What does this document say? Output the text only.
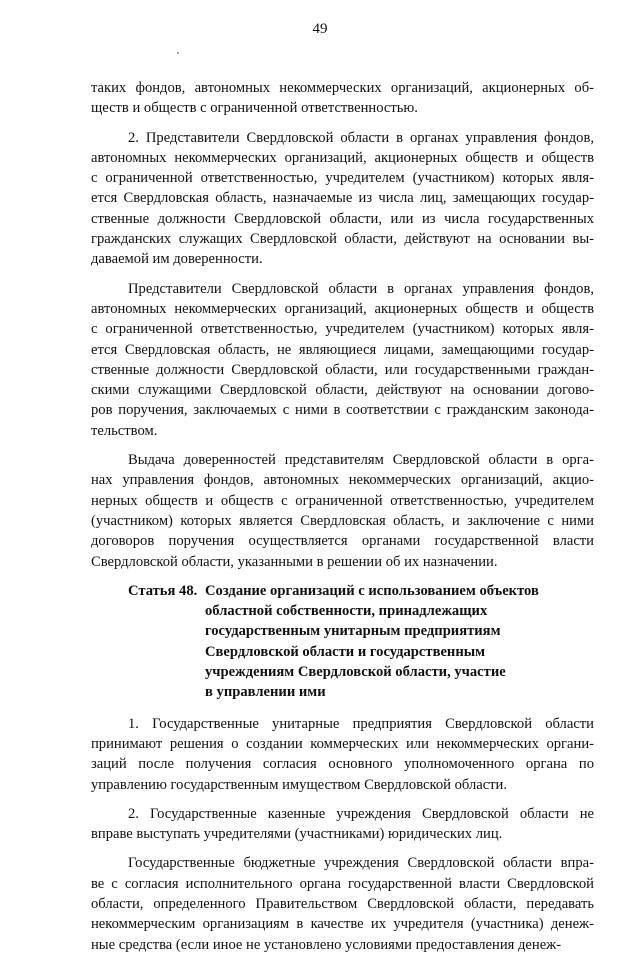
49
таких фондов, автономных некоммерческих организаций, акционерных об-
ществ и обществ с ограниченной ответственностью.
2. Представители Свердловской области в органах управления фондов,
автономных некоммерческих организаций, акционерных обществ и обществ
с ограниченной ответственностью, учредителем (участником) которых явля-
ется Свердловская область, назначаемые из числа лиц, замещающих государ-
ственные должности Свердловской области, или из числа государственных
гражданских служащих Свердловской области, действуют на основании вы-
даваемой им доверенности.
Представители Свердловской области в органах управления фондов,
автономных некоммерческих организаций, акционерных обществ и обществ
с ограниченной ответственностью, учредителем (участником) которых явля-
ется Свердловская область, не являющиеся лицами, замещающими государ-
ственные должности Свердловской области, или государственными граждан-
скими служащими Свердловской области, действуют на основании догово-
ров поручения, заключаемых с ними в соответствии с гражданским законода-
тельством.
Выдача доверенностей представителям Свердловской области в орга-
нах управления фондов, автономных некоммерческих организаций, акцио-
нерных обществ и обществ с ограниченной ответственностью, учредителем
(участником) которых является Свердловская область, и заключение с ними
договоров поручения осуществляется органами государственной власти
Свердловской области, указанными в решении об их назначении.
Статья 48. Создание организаций с использованием объектов
областной собственности, принадлежащих
государственным унитарным предприятиям
Свердловской области и государственным
учреждениям Свердловской области, участие
в управлении ими
1. Государственные унитарные предприятия Свердловской области
принимают решения о создании коммерческих или некоммерческих органи-
заций после получения согласия основного уполномоченного органа по
управлению государственным имуществом Свердловской области.
2. Государственные казенные учреждения Свердловской области не
вправе выступать учредителями (участниками) юридических лиц.
Государственные бюджетные учреждения Свердловской области впра-
ве с согласия исполнительного органа государственной власти Свердловской
области, определенного Правительством Свердловской области, передавать
некоммерческим организациям в качестве их учредителя (участника) денеж-
ные средства (если иное не установлено условиями предоставления денеж-
